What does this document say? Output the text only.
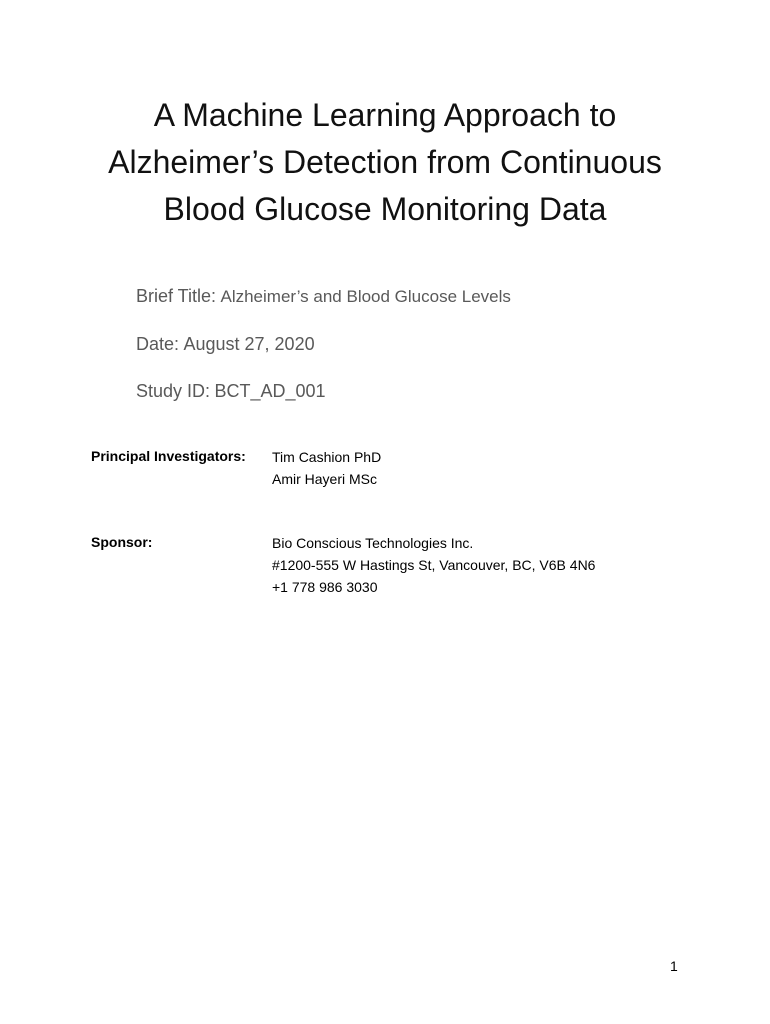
A Machine Learning Approach to
Alzheimer’s Detection from Continuous
Blood Glucose Monitoring Data
Brief Title: Alzheimer’s and Blood Glucose Levels
Date: August 27, 2020
Study ID: BCT_AD_001
Principal Investigators: Tim Cashion PhD
Amir Hayeri MSc
Sponsor:	Bio Conscious Technologies Inc.
#1200-555 W Hastings St, Vancouver, BC, V6B 4N6
+1 778 986 3030
1
